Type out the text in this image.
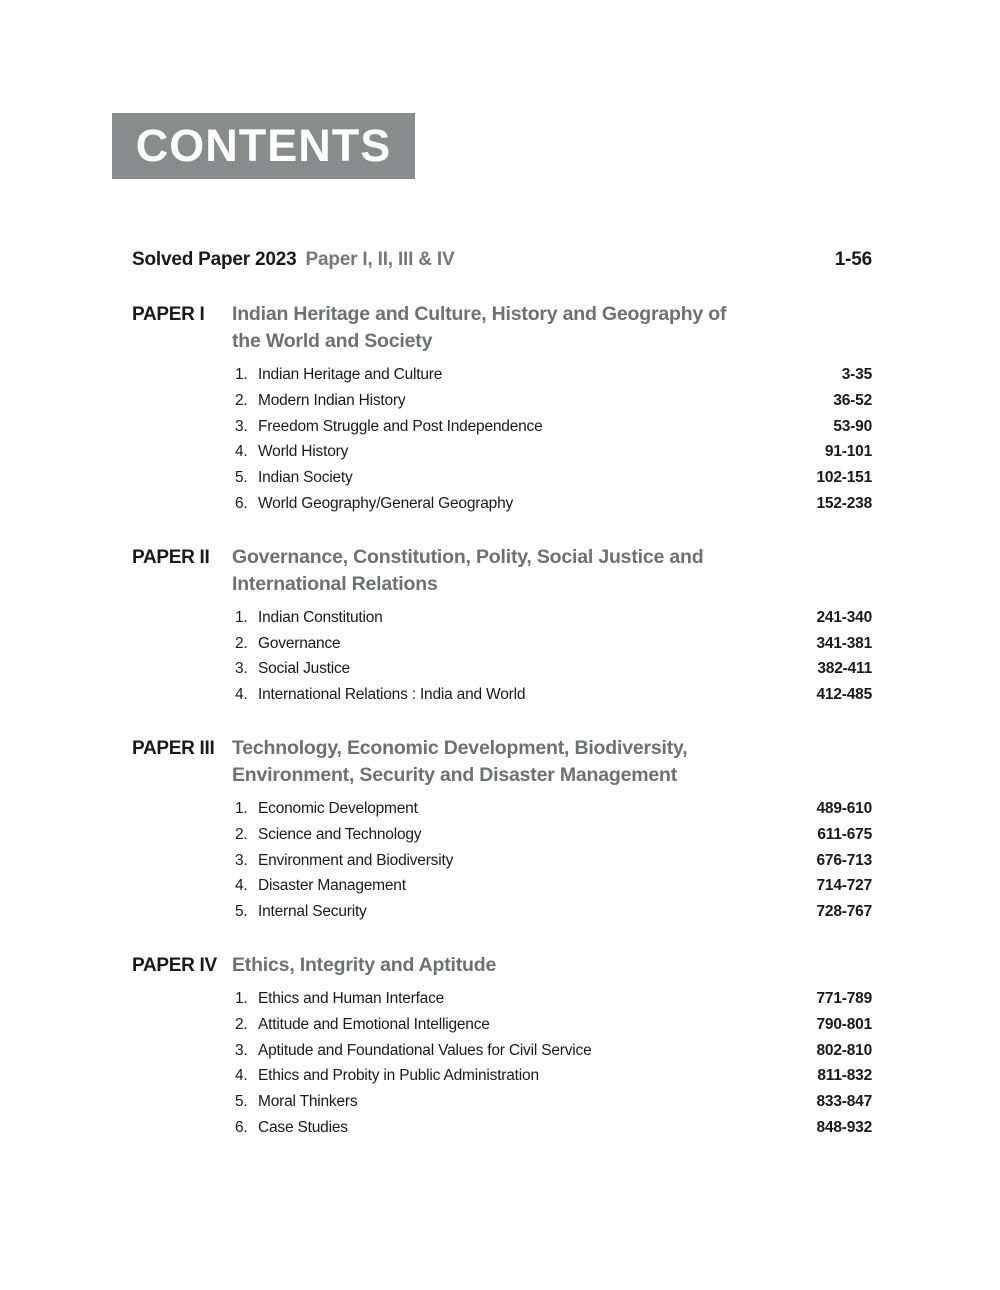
CONTENTS
Solved Paper 2023 Paper I, II, III & IV	1-56
PAPER I	Indian Heritage and Culture, History and Geography of the World and Society
1. Indian Heritage and Culture	3-35
2. Modern Indian History	36-52
3. Freedom Struggle and Post Independence	53-90
4. World History	91-101
5. Indian Society	102-151
6. World Geography/General Geography	152-238
PAPER II	Governance, Constitution, Polity, Social Justice and International Relations
1. Indian Constitution	241-340
2. Governance	341-381
3. Social Justice	382-411
4. International Relations : India and World	412-485
PAPER III Technology, Economic Development, Biodiversity, Environment, Security and Disaster Management
1. Economic Development	489-610
2. Science and Technology	611-675
3. Environment and Biodiversity	676-713
4. Disaster Management	714-727
5. Internal Security	728-767
PAPER IV Ethics, Integrity and Aptitude
1. Ethics and Human Interface	771-789
2. Attitude and Emotional Intelligence	790-801
3. Aptitude and Foundational Values for Civil Service	802-810
4. Ethics and Probity in Public Administration	811-832
5. Moral Thinkers	833-847
6. Case Studies	848-932
